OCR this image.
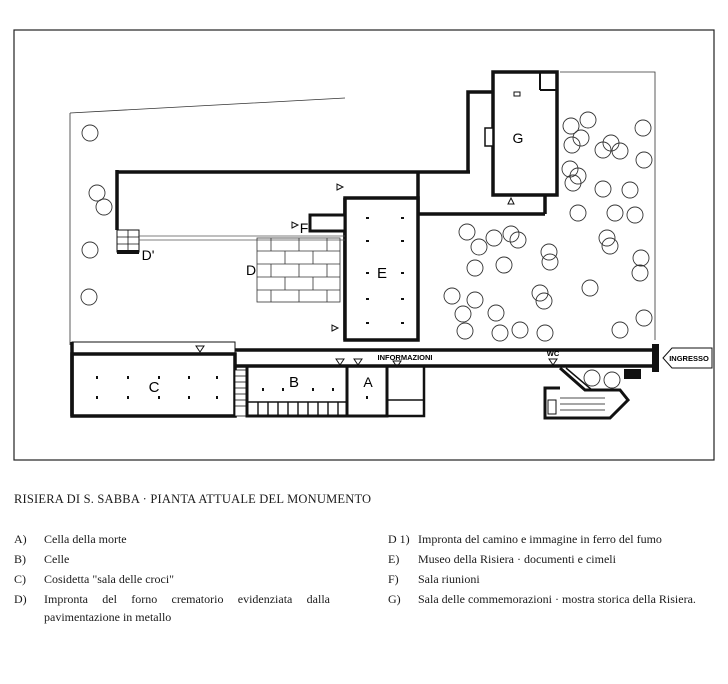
G
E
F
D'
D
C	B	A
INFORMAZIONI	WC
INGRESSO
RISIERA DI S. SABBA · PIANTA ATTUALE DEL MONUMENTO
A)	Cella della morte
B)	Celle
C)	Cosidetta "sala delle croci"
D)	Impronta del forno crematorio evidenziata dalla pavimentazione in metallo
D 1) Impronta del camino e immagine in ferro del fumo
E)	Museo della Risiera · documenti e cimeli
F)	Sala riunioni
G)	Sala delle commemorazioni · mostra storica della Risiera.
